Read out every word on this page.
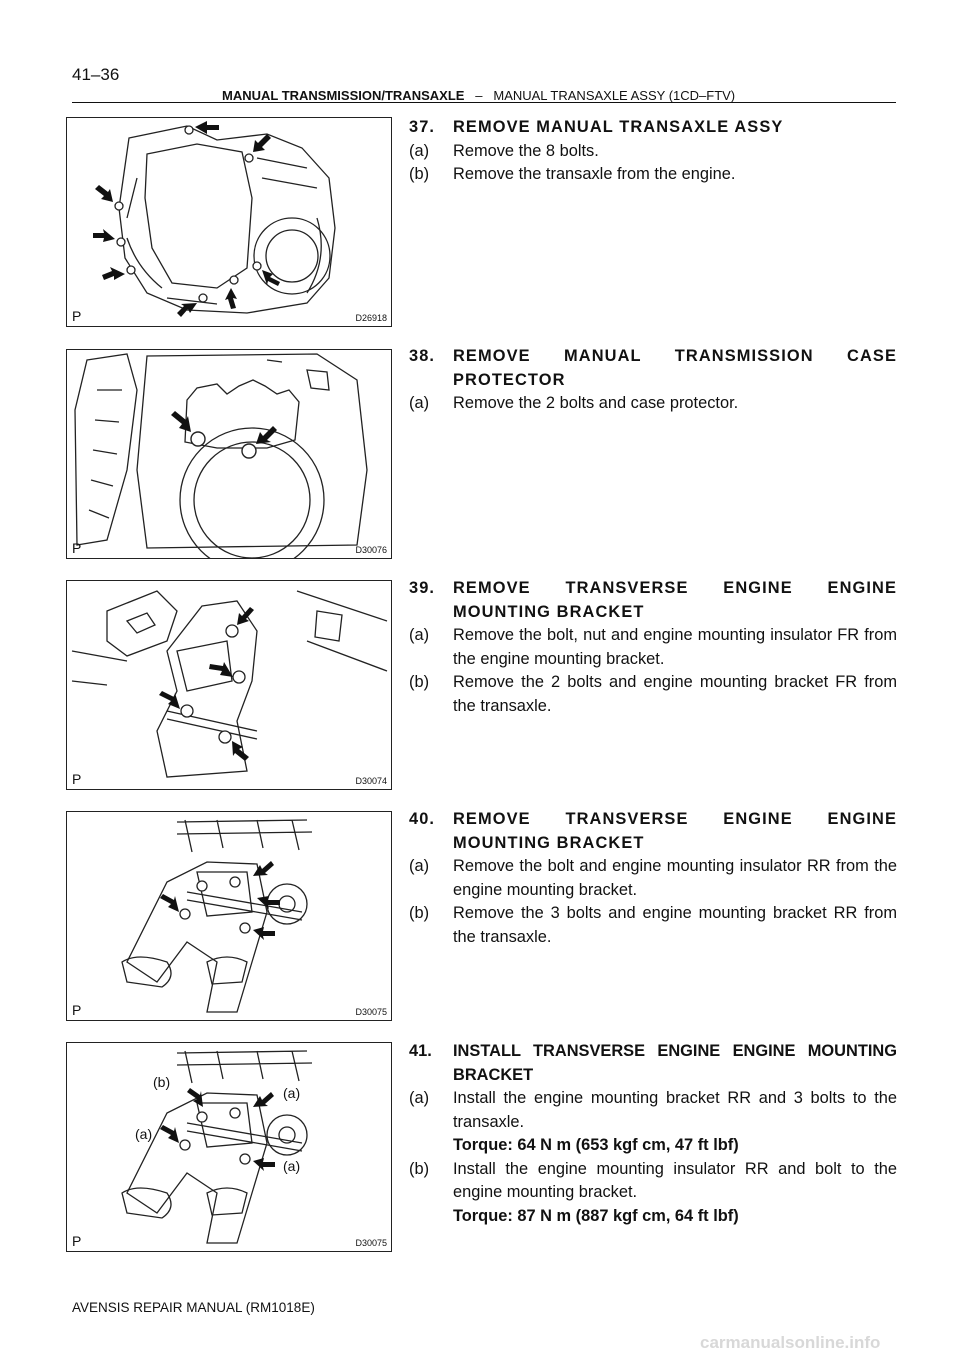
41–36
MANUAL TRANSMISSION/TRANSAXLE – MANUAL TRANSAXLE ASSY (1CD–FTV)
P	D26918
P	D30076
P	D30074
P	D30075
(b)
(a)
(a)
(a)
P	D30075
37. REMOVE MANUAL TRANSAXLE ASSY
(a) Remove the 8 bolts.
(b) Remove the transaxle from the engine.
38. REMOVE MANUAL TRANSMISSION CASE PROTECTOR
(a) Remove the 2 bolts and case protector.
39. REMOVE TRANSVERSE ENGINE ENGINE MOUNTING BRACKET
(a) Remove the bolt, nut and engine mounting insulator FR from the engine mounting bracket.
(b) Remove the 2 bolts and engine mounting bracket FR from the transaxle.
40. REMOVE TRANSVERSE ENGINE ENGINE MOUNTING BRACKET
(a) Remove the bolt and engine mounting insulator RR from the engine mounting bracket.
(b) Remove the 3 bolts and engine mounting bracket RR from the transaxle.
41. INSTALL TRANSVERSE ENGINE ENGINE MOUNTING BRACKET
(a) Install the engine mounting bracket RR and 3 bolts to the transaxle.
Torque: 64 N m (653 kgf cm, 47 ft lbf)
(b) Install the engine mounting insulator RR and bolt to the engine mounting bracket.
Torque: 87 N m (887 kgf cm, 64 ft lbf)
AVENSIS REPAIR MANUAL (RM1018E)
carmanualsonline.info
